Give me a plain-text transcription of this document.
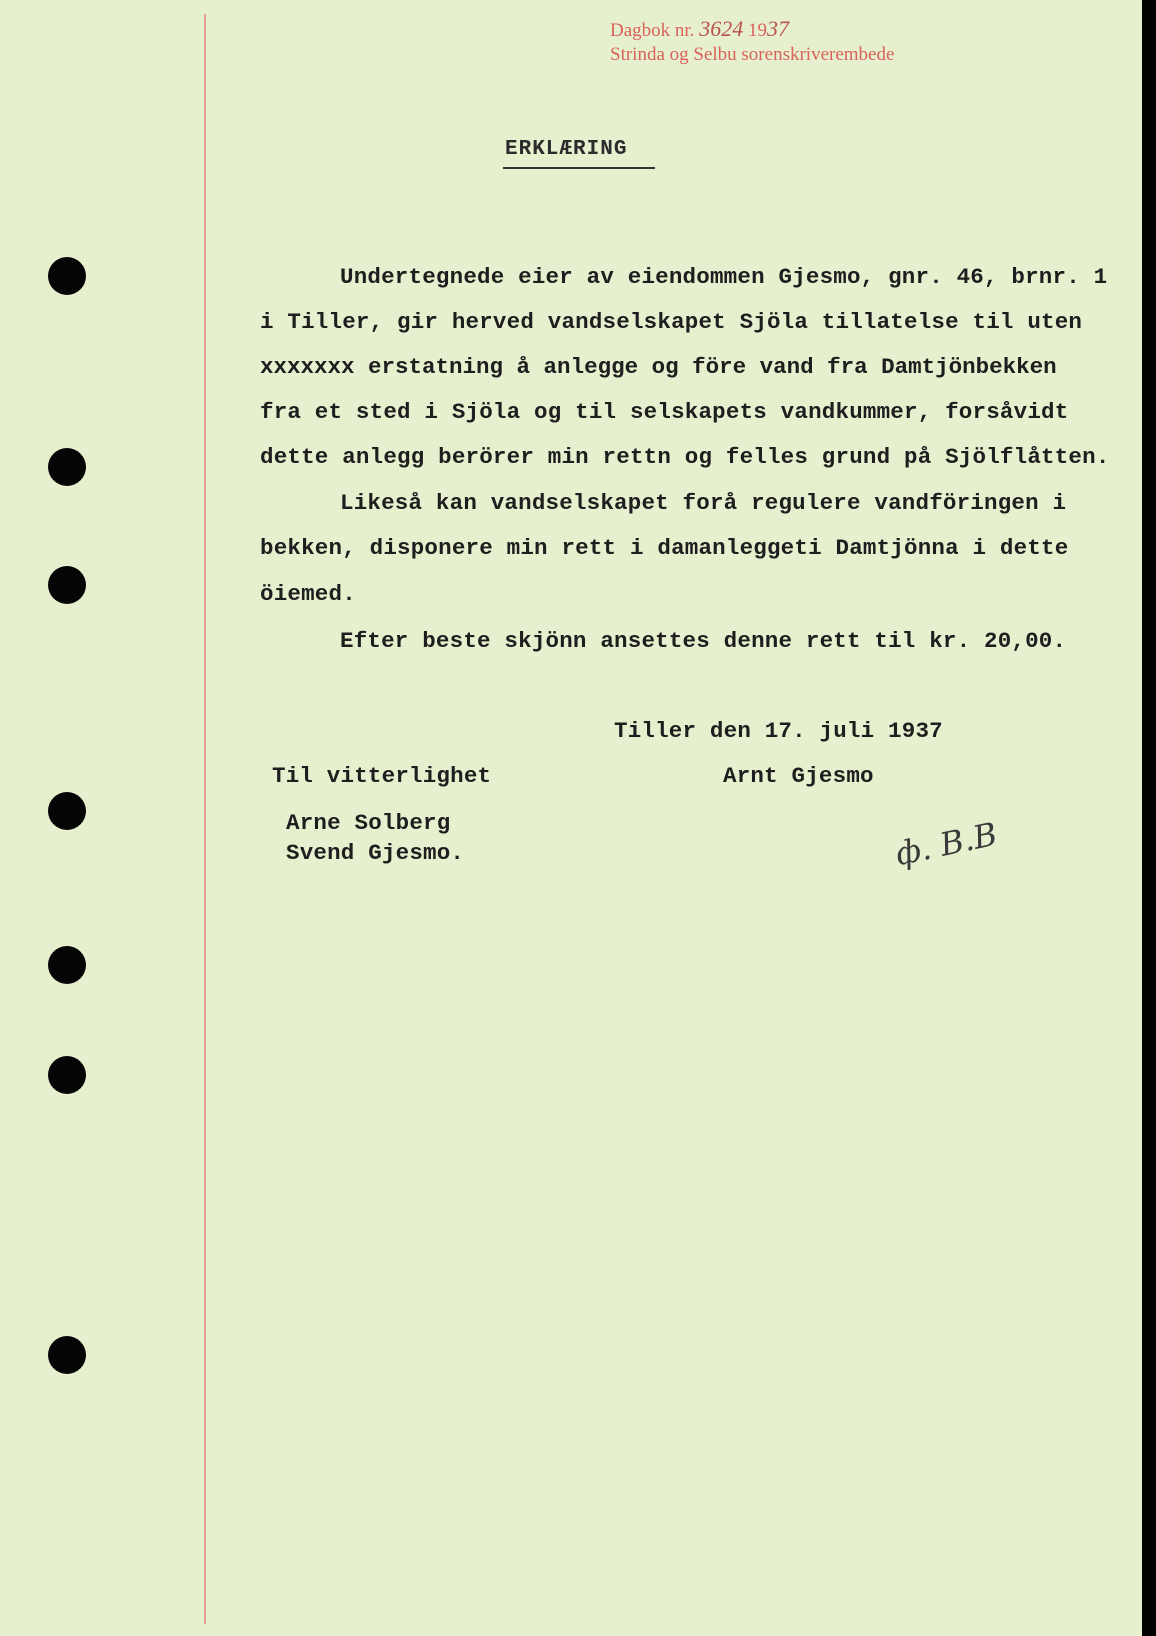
Dagbok nr. 3624 1937
Strinda og Selbu sorenskriverembede
ERKLÆRING
Undertegnede eier av eiendommen Gjesmo, gnr. 46, brnr. 1
i Tiller, gir herved vandselskapet Sjöla tillatelse til uten
xxxxxxx erstatning å anlegge og före vand fra Damtjönbekken
fra et sted i Sjöla og til selskapets vandkummer, forsåvidt
dette anlegg berörer min rettn og felles grund på Sjölflåtten.
Likeså kan vandselskapet forå regulere vandföringen i
bekken, disponere min rett i damanleggeti Damtjönna i dette
öiemed.
Efter beste skjönn ansettes denne rett til kr. 20,00.
Tiller den 17. juli 1937
Til vitterlighet	Arnt Gjesmo
Arne Solberg
Svend Gjesmo.	ф. B.B
